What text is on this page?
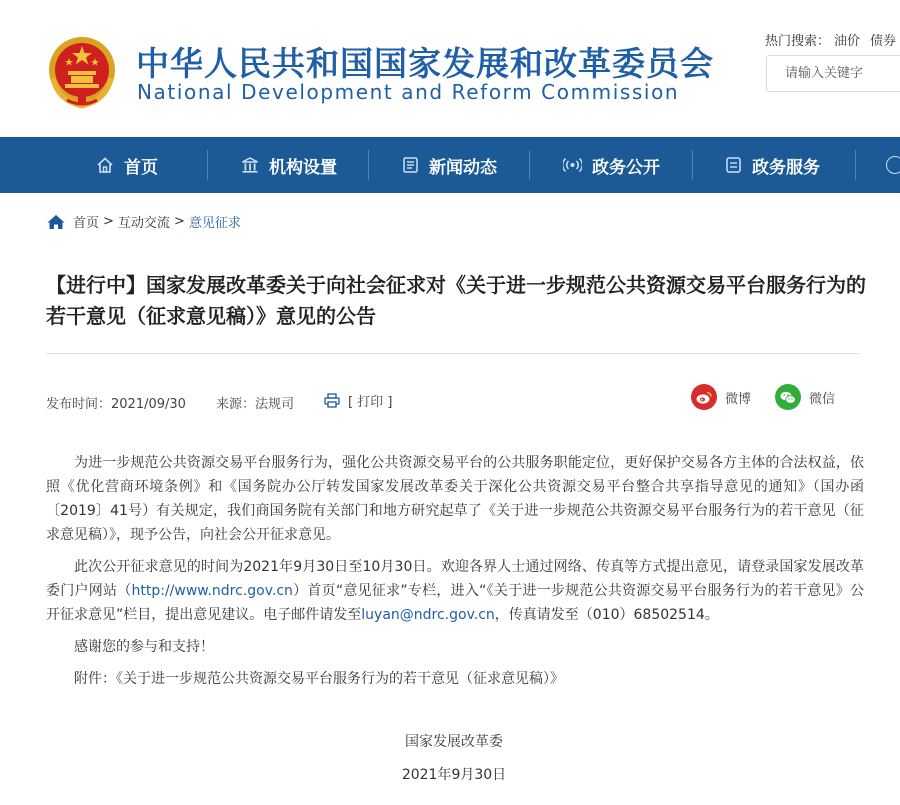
中华人民共和国国家发展和改革委员会
National Development and Reform Commission
热门搜索： 油价 债券
请输入关键字
首页	机构设置	新闻动态	政务公开	政务服务
首页 > 互动交流 > 意见征求
【进行中】国家发展改革委关于向社会征求对《关于进一步规范公共资源交易平台服务行为的若干意见（征求意见稿）》意见的公告
发布时间：2021/09/30 来源：法规司	[ 打印 ]	微博	微信

为进一步规范公共资源交易平台服务行为，强化公共资源交易平台的公共服务职能定位，更好保护交易各方主体的合法权益，依照《优化营商环境条例》和《国务院办公厅转发国家发展改革委关于深化公共资源交易平台整合共享指导意见的通知》（国办函〔2019〕41号）有关规定，我们商国务院有关部门和地方研究起草了《关于进一步规范公共资源交易平台服务行为的若干意见（征求意见稿）》，现予公告，向社会公开征求意见。

此次公开征求意见的时间为2021年9月30日至10月30日。欢迎各界人士通过网络、传真等方式提出意见，请登录国家发展改革委门户网站（http://www.ndrc.gov.cn）首页“意见征求”专栏，进入“《关于进一步规范公共资源交易平台服务行为的若干意见》公开征求意见”栏目，提出意见建议。电子邮件请发至luyan@ndrc.gov.cn，传真请发至（010）68502514。

感谢您的参与和支持！

附件：《关于进一步规范公共资源交易平台服务行为的若干意见（征求意见稿）》

国家发展改革委
2021年9月30日
